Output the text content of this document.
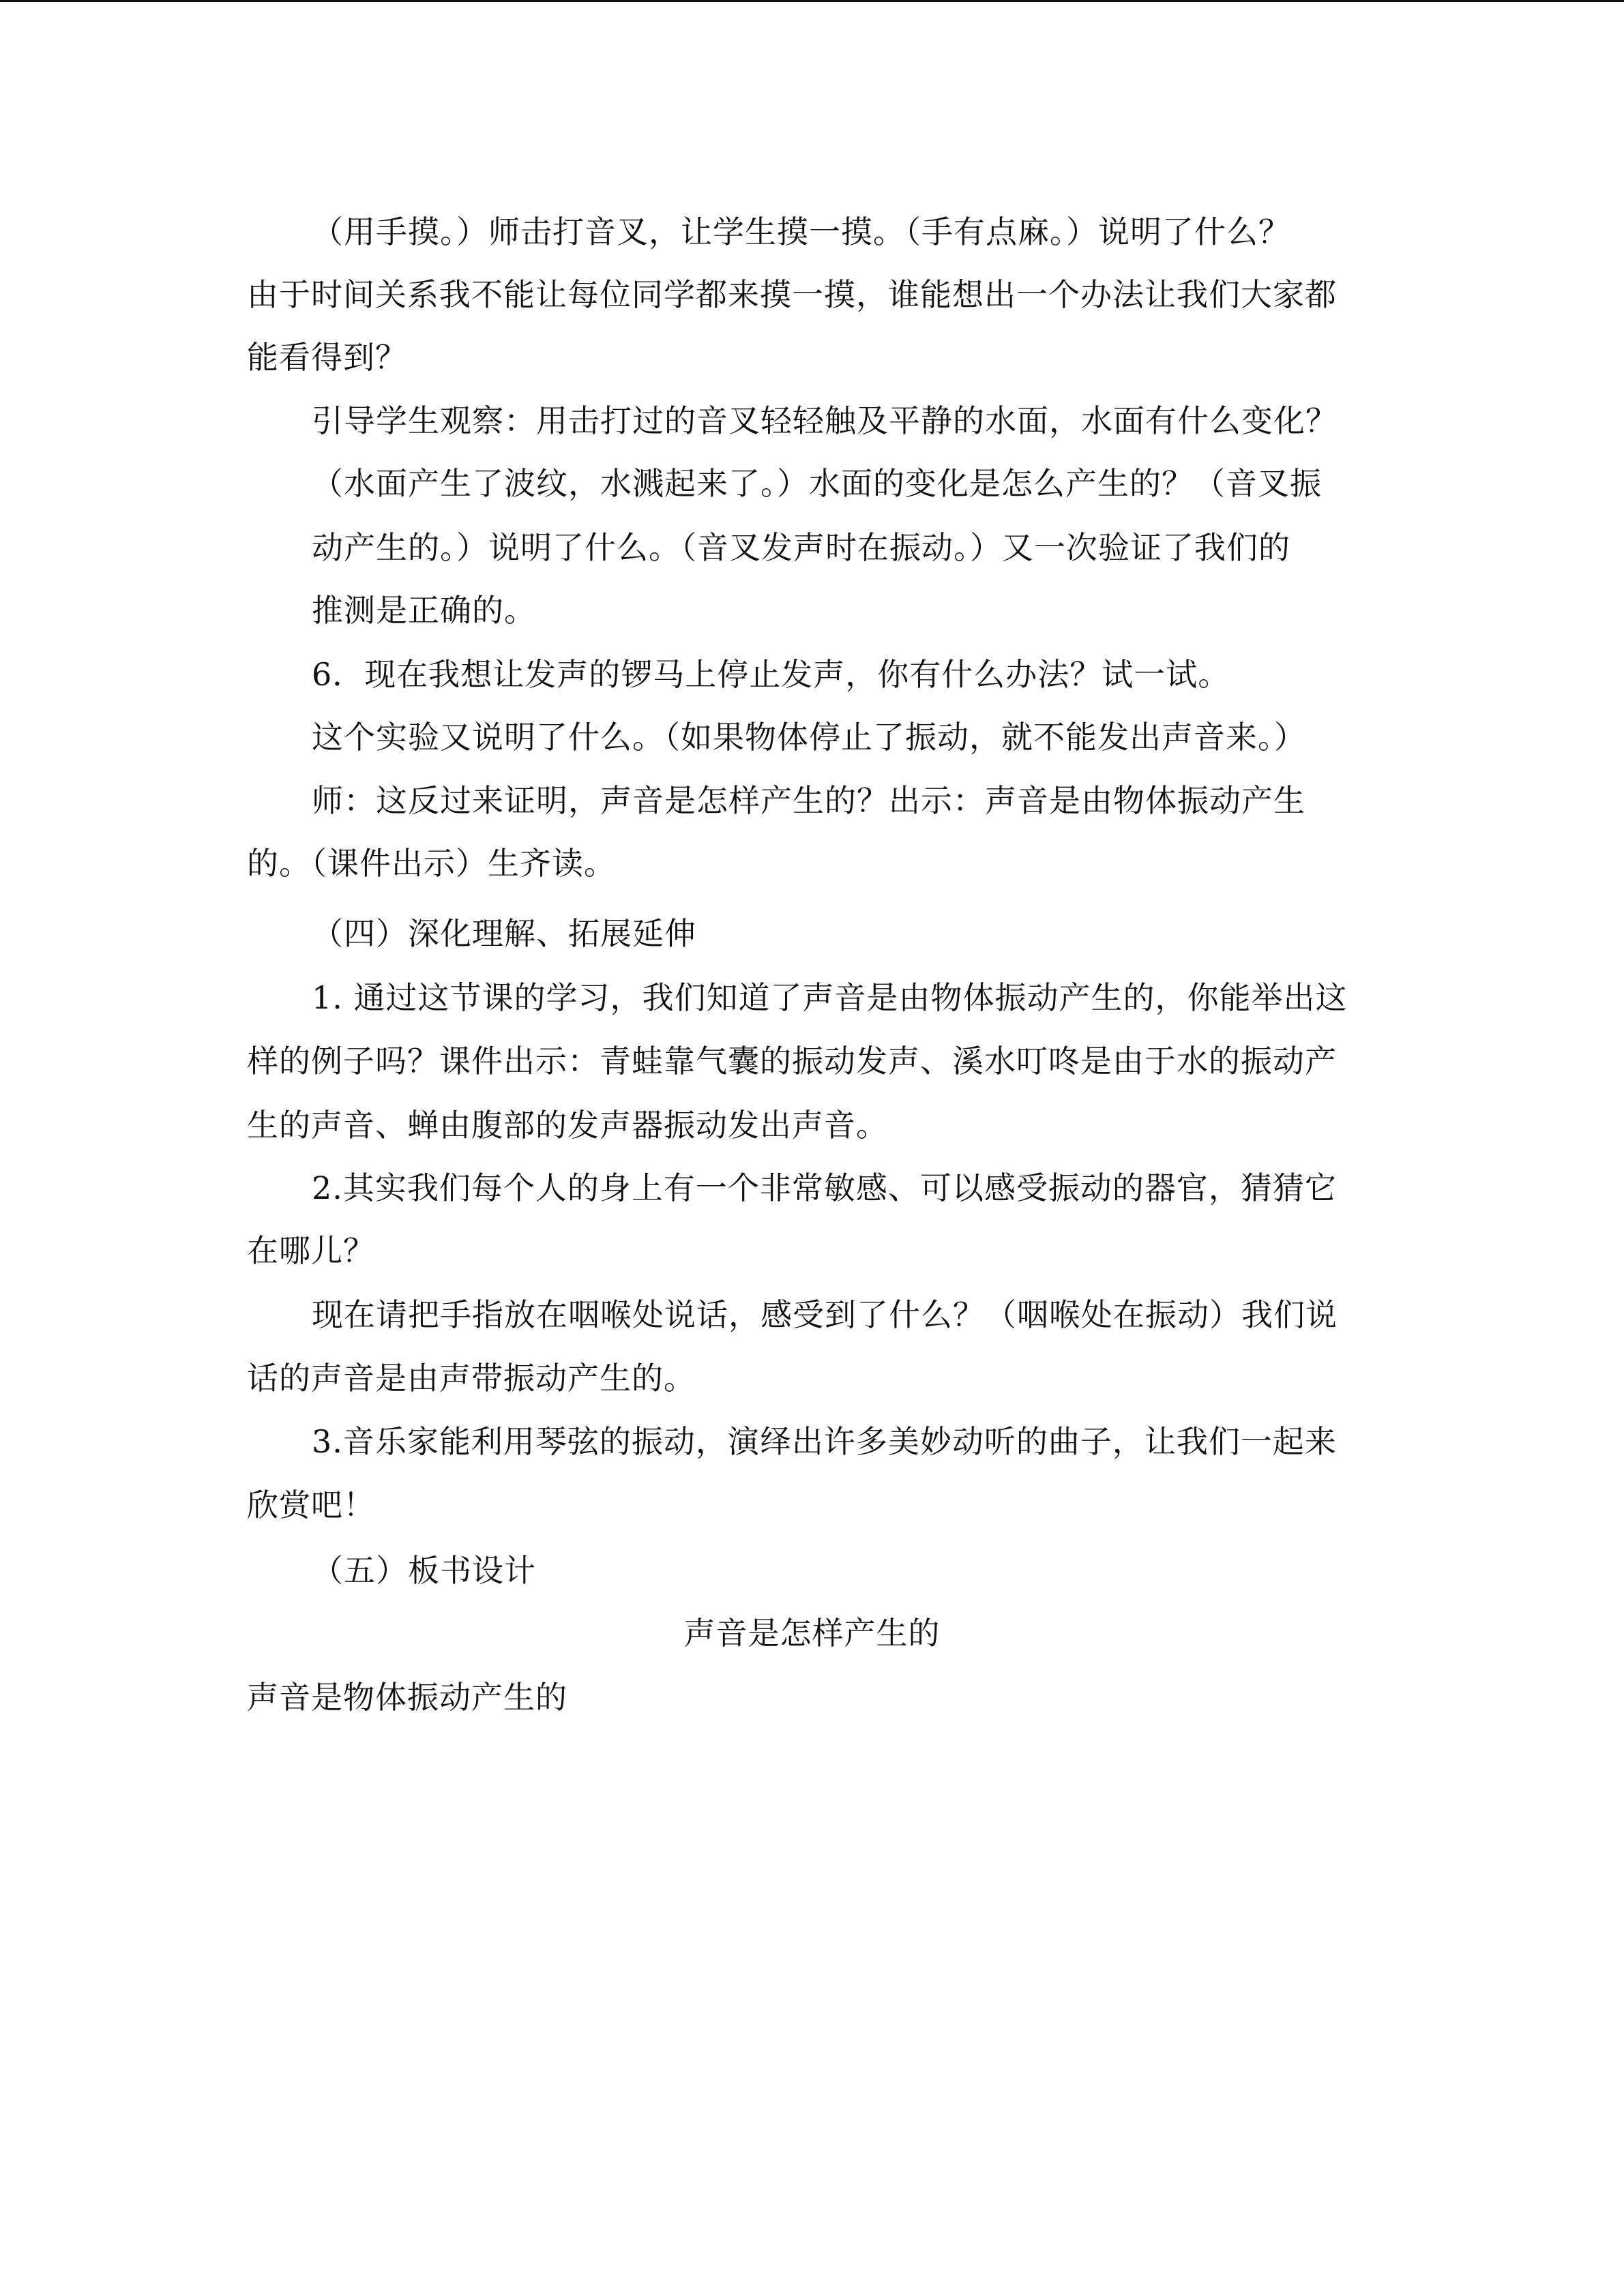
（用手摸。）师击打音叉，让学生摸一摸。（手有点麻。）说明了什么？
由于时间关系我不能让每位同学都来摸一摸，谁能想出一个办法让我们大家都
能看得到？
引导学生观察：用击打过的音叉轻轻触及平静的水面，水面有什么变化？
（水面产生了波纹，水溅起来了。）水面的变化是怎么产生的？（音叉振
动产生的。）说明了什么。（音叉发声时在振动。）又一次验证了我们的
推测是正确的。
6．现在我想让发声的锣马上停止发声，你有什么办法？试一试。
这个实验又说明了什么。（如果物体停止了振动，就不能发出声音来。）
师：这反过来证明，声音是怎样产生的？出示：声音是由物体振动产生
的。（课件出示）生齐读。
（四）深化理解、拓展延伸
1. 通过这节课的学习，我们知道了声音是由物体振动产生的，你能举出这
样的例子吗？课件出示：青蛙靠气囊的振动发声、溪水叮咚是由于水的振动产
生的声音、蝉由腹部的发声器振动发出声音。
2.其实我们每个人的身上有一个非常敏感、可以感受振动的器官，猜猜它
在哪儿？
现在请把手指放在咽喉处说话，感受到了什么？（咽喉处在振动）我们说
话的声音是由声带振动产生的。
3.音乐家能利用琴弦的振动，演绎出许多美妙动听的曲子，让我们一起来
欣赏吧！
（五）板书设计
声音是怎样产生的
声音是物体振动产生的
